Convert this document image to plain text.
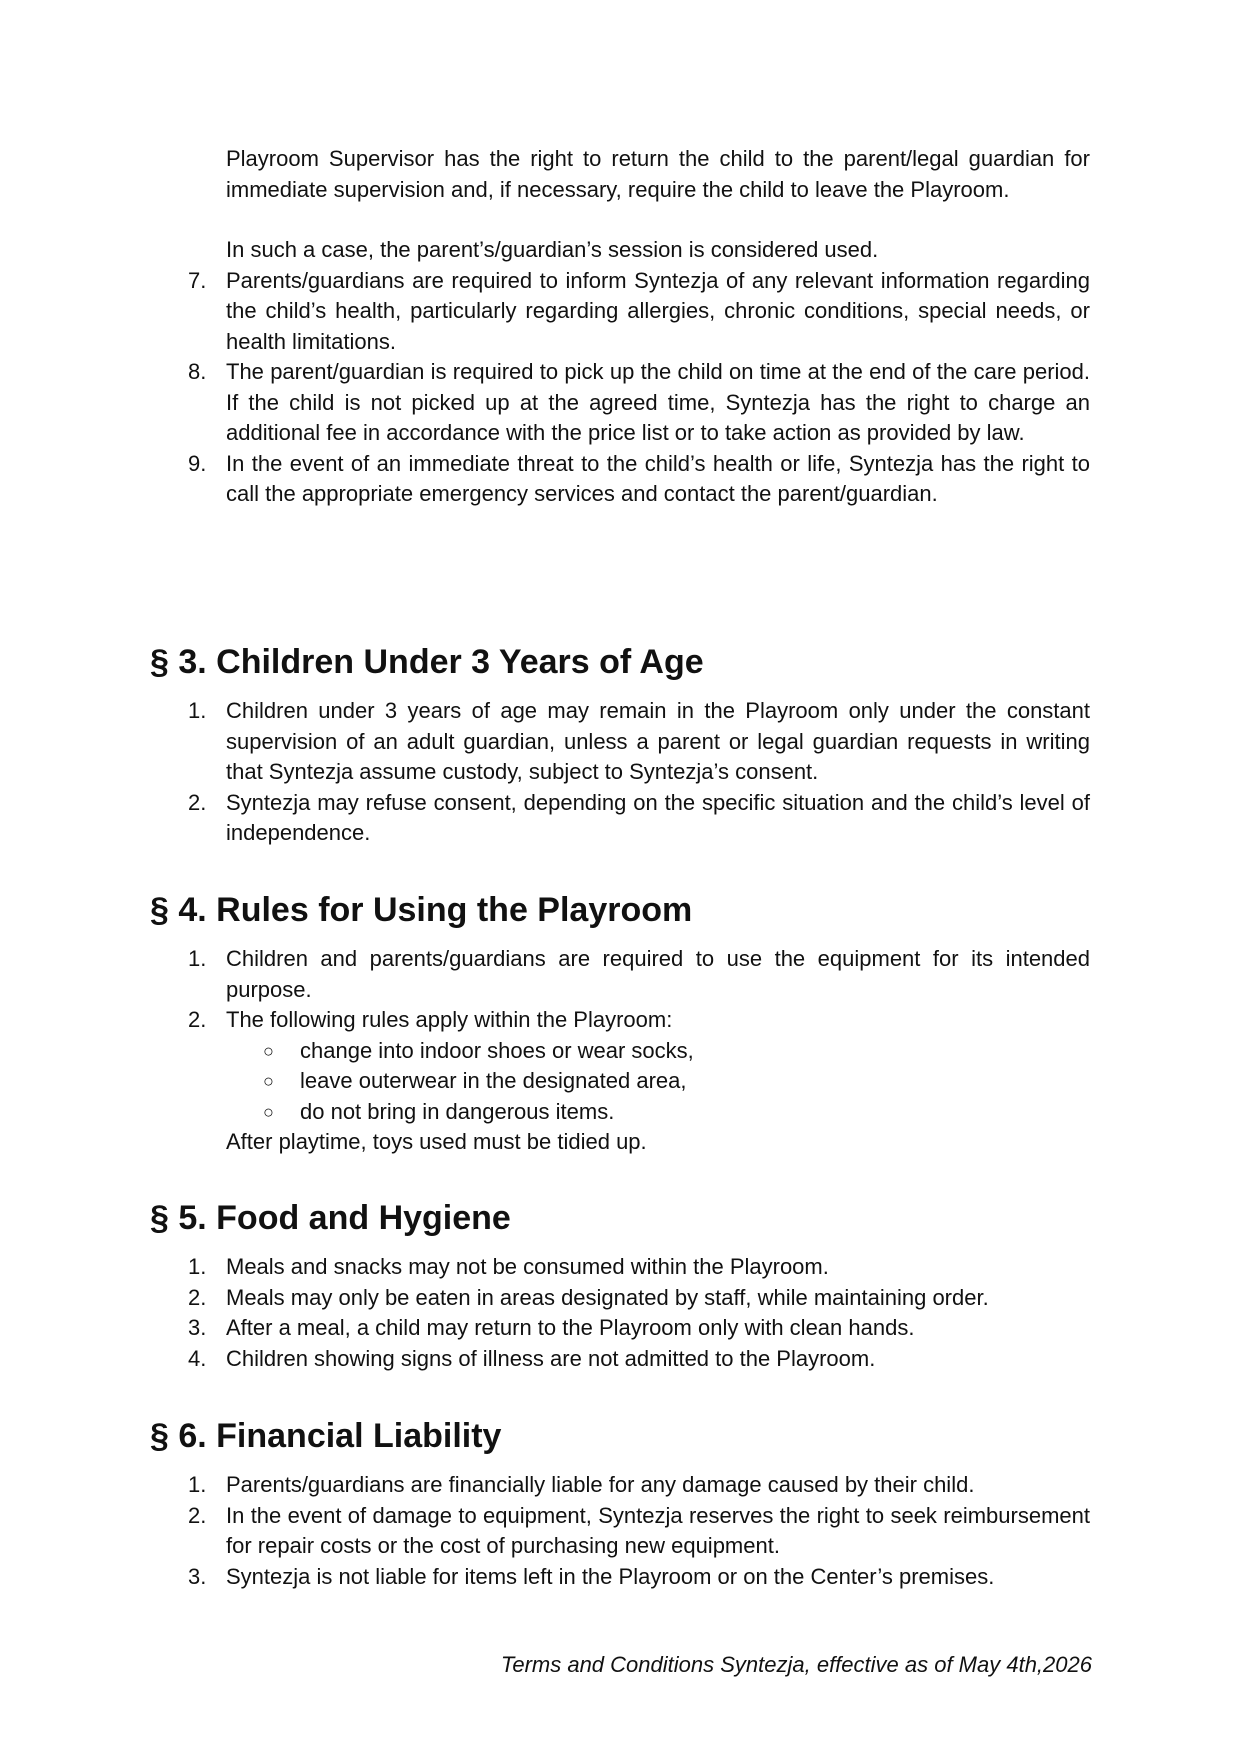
Playroom Supervisor has the right to return the child to the parent/legal guardian for immediate supervision and, if necessary, require the child to leave the Playroom.

In such a case, the parent’s/guardian’s session is considered used.

7. Parents/guardians are required to inform Syntezja of any relevant information regarding the child’s health, particularly regarding allergies, chronic conditions, special needs, or health limitations.
8. The parent/guardian is required to pick up the child on time at the end of the care period. If the child is not picked up at the agreed time, Syntezja has the right to charge an additional fee in accordance with the price list or to take action as provided by law.
9. In the event of an immediate threat to the child’s health or life, Syntezja has the right to call the appropriate emergency services and contact the parent/guardian.
§ 3. Children Under 3 Years of Age
1. Children under 3 years of age may remain in the Playroom only under the constant supervision of an adult guardian, unless a parent or legal guardian requests in writing that Syntezja assume custody, subject to Syntezja’s consent.
2. Syntezja may refuse consent, depending on the specific situation and the child’s level of independence.
§ 4. Rules for Using the Playroom
1. Children and parents/guardians are required to use the equipment for its intended purpose.
2. The following rules apply within the Playroom:
○ change into indoor shoes or wear socks,
○ leave outerwear in the designated area,
○ do not bring in dangerous items.

After playtime, toys used must be tidied up.

§ 5. Food and Hygiene
1. Meals and snacks may not be consumed within the Playroom.
2. Meals may only be eaten in areas designated by staff, while maintaining order.
3. After a meal, a child may return to the Playroom only with clean hands.
4. Children showing signs of illness are not admitted to the Playroom.
§ 6. Financial Liability
1. Parents/guardians are financially liable for any damage caused by their child.
2. In the event of damage to equipment, Syntezja reserves the right to seek reimbursement for repair costs or the cost of purchasing new equipment.
3. Syntezja is not liable for items left in the Playroom or on the Center’s premises.
Terms and Conditions Syntezja, effective as of May 4th,2026
